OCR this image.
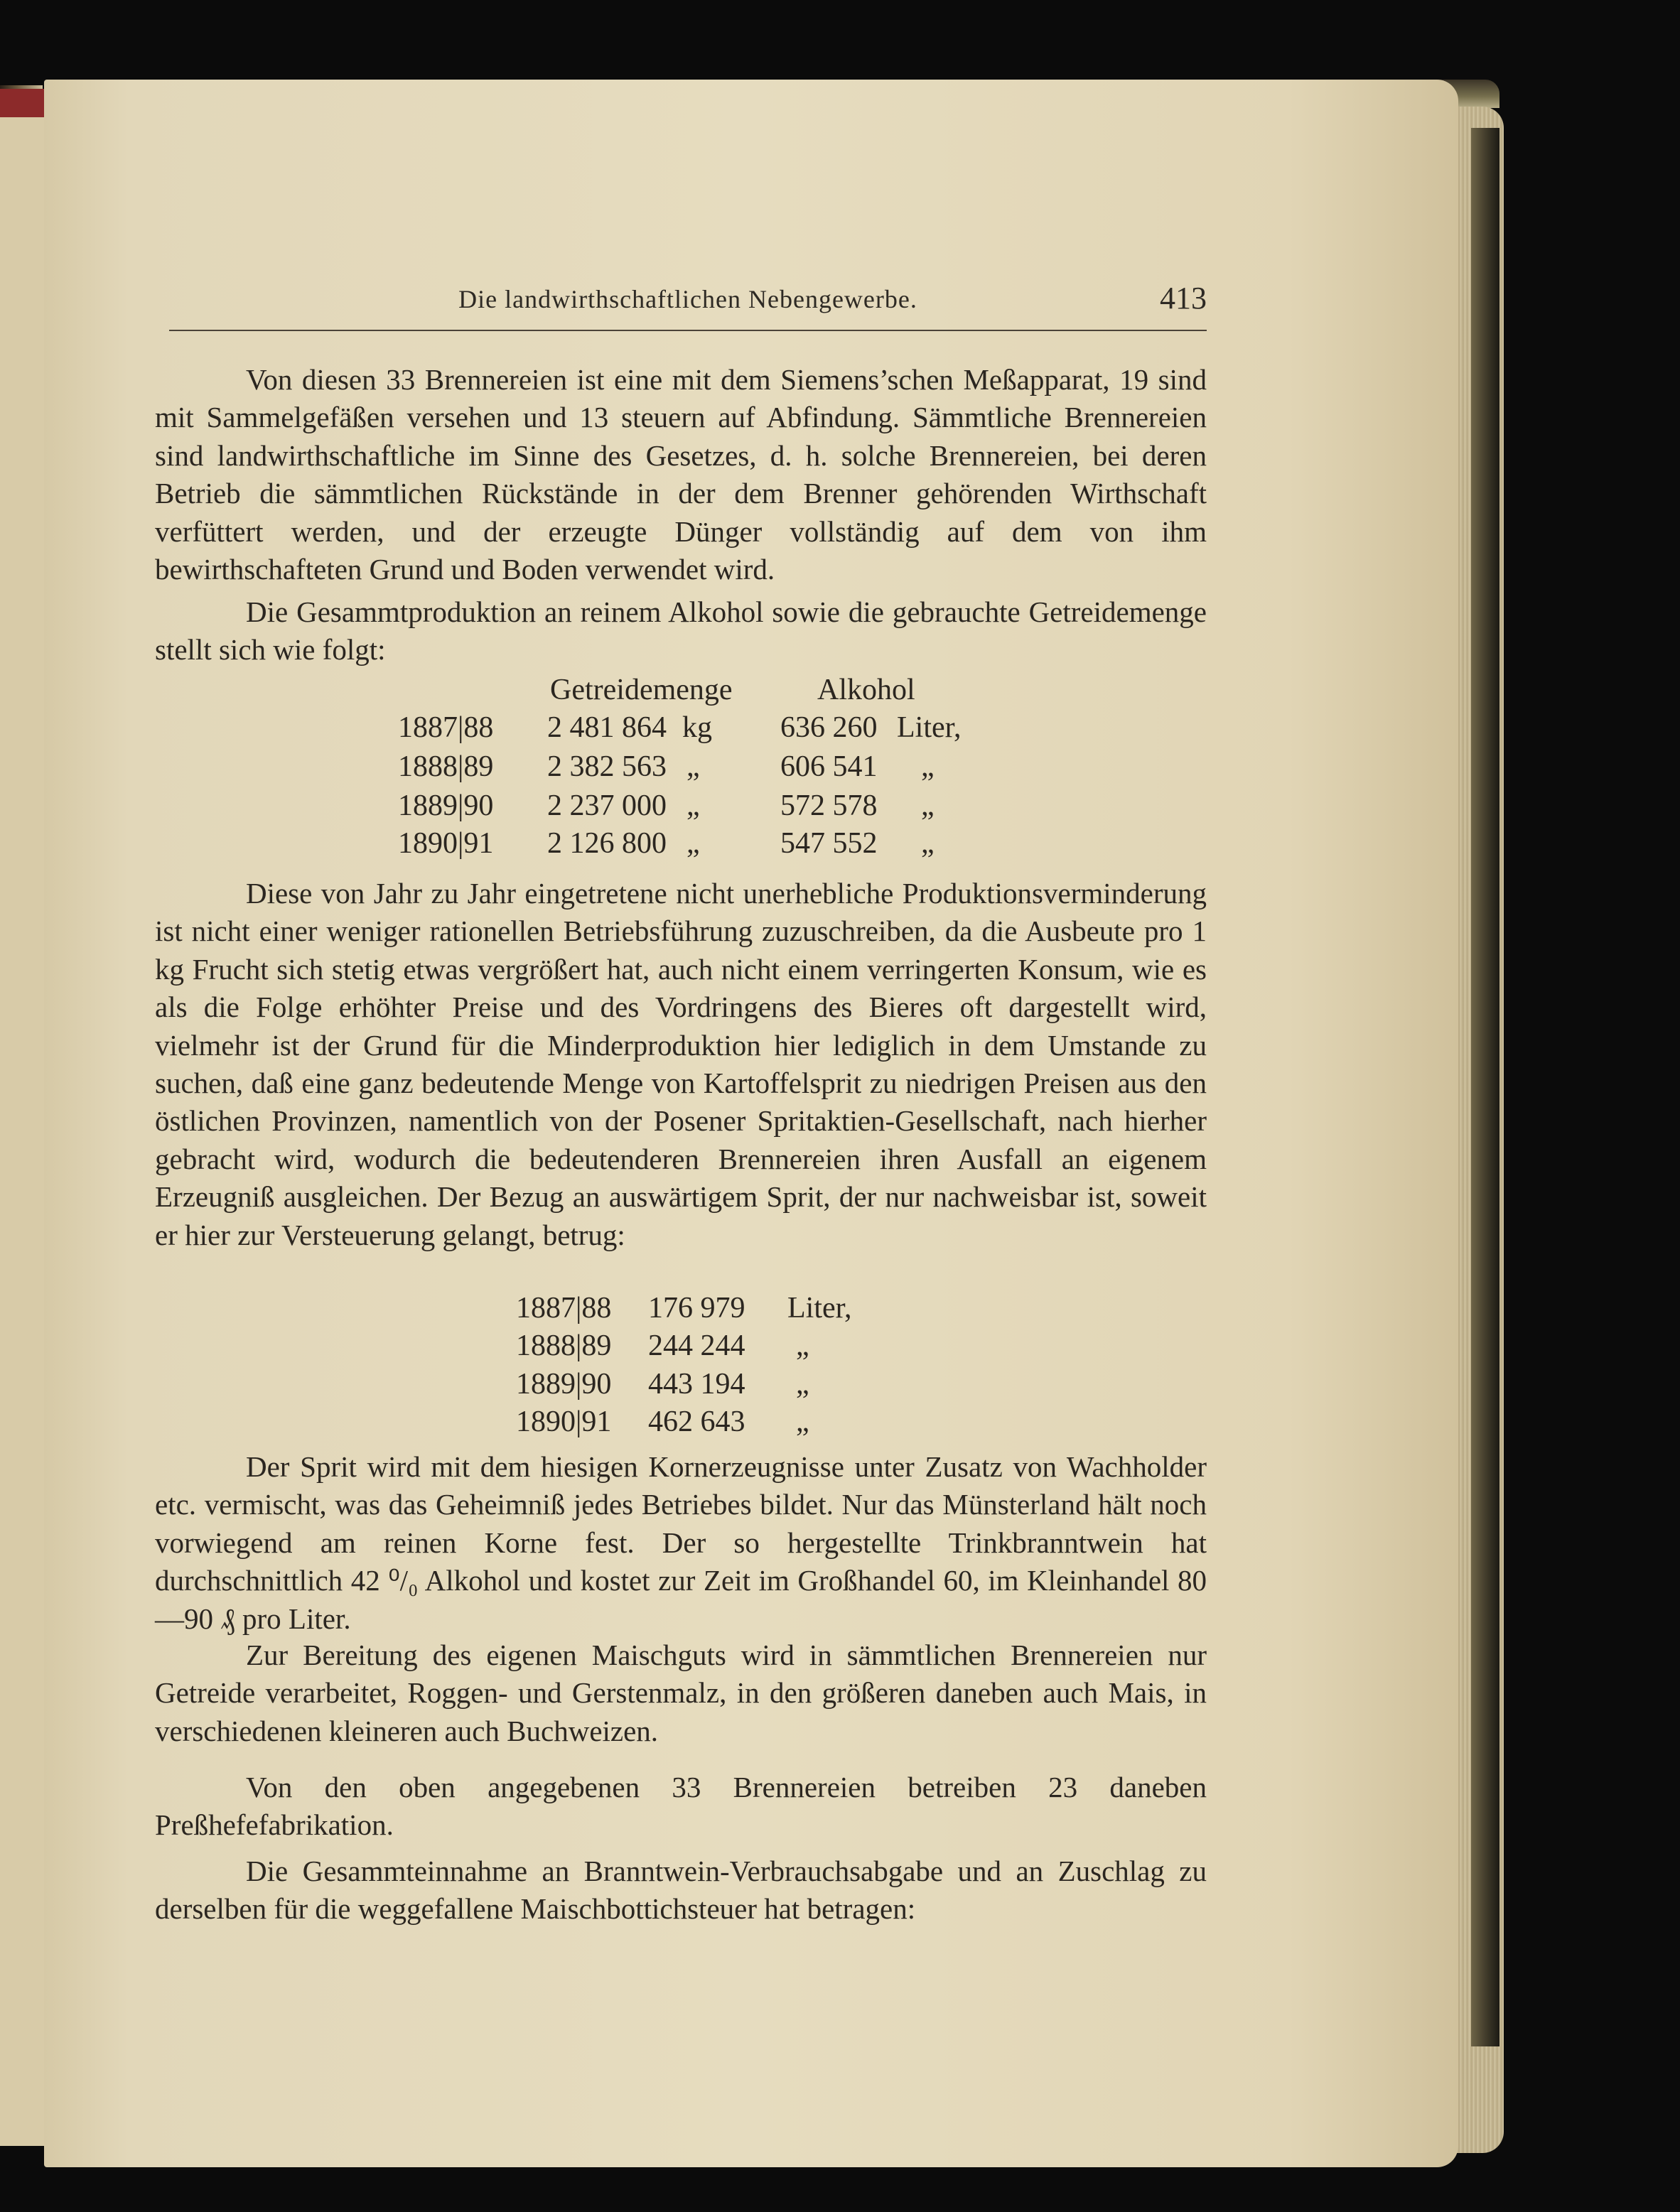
Die landwirthschaftlichen Nebengewerbe.	413

Von diesen 33 Brennereien ist eine mit dem Siemens’schen Meßapparat, 19 sind mit Sammelgefäßen versehen und 13 steuern auf Abfindung. Sämmtliche Brennereien sind landwirthschaftliche im Sinne des Gesetzes, d. h. solche Brennereien, bei deren Betrieb die sämmtlichen Rückstände in der dem Brenner gehörenden Wirthschaft verfüttert werden, und der erzeugte Dünger vollständig auf dem von ihm bewirthschafteten Grund und Boden verwendet wird.

Die Gesammtproduktion an reinem Alkohol sowie die gebrauchte Getreidemenge stellt sich wie folgt:

Getreidemenge	Alkohol
1887|88 2 481 864 kg 636 260 Liter,
1888|89 2 382 563 „	606 541 „
1889|90 2 237 000 „	572 578 „
1890|91 2 126 800 „	547 552 „

Diese von Jahr zu Jahr eingetretene nicht unerhebliche Produktionsverminderung ist nicht einer weniger rationellen Betriebsführung zuzuschreiben, da die Ausbeute pro 1 kg Frucht sich stetig etwas vergrößert hat, auch nicht einem verringerten Konsum, wie es als die Folge erhöhter Preise und des Vordringens des Bieres oft dargestellt wird, vielmehr ist der Grund für die Minderproduktion hier lediglich in dem Umstande zu suchen, daß eine ganz bedeutende Menge von Kartoffelsprit zu niedrigen Preisen aus den östlichen Provinzen, namentlich von der Posener Spritaktien-Gesellschaft, nach hierher gebracht wird, wodurch die bedeutenderen Brennereien ihren Ausfall an eigenem Erzeugniß ausgleichen. Der Bezug an auswärtigem Sprit, der nur nachweisbar ist, soweit er hier zur Versteuerung gelangt, betrug:

1887|88 176 979 Liter,
1888|89 244 244 „
1889|90 443 194 „
1890|91 462 643 „

Der Sprit wird mit dem hiesigen Kornerzeugnisse unter Zusatz von Wachholder etc. vermischt, was das Geheimniß jedes Betriebes bildet. Nur das Münsterland hält noch vorwiegend am reinen Korne fest. Der so hergestellte Trinkbranntwein hat durchschnittlich 42 ⁰/₀ Alkohol und kostet zur Zeit im Großhandel 60, im Kleinhandel 80—90 ₰ pro Liter.

Zur Bereitung des eigenen Maischguts wird in sämmtlichen Brennereien nur Getreide verarbeitet, Roggen- und Gerstenmalz, in den größeren daneben auch Mais, in verschiedenen kleineren auch Buchweizen.

Von den oben angegebenen 33 Brennereien betreiben 23 daneben Preßhefefabrikation.

Die Gesammteinnahme an Branntwein-Verbrauchsabgabe und an Zuschlag zu derselben für die weggefallene Maischbottichsteuer hat betragen:
